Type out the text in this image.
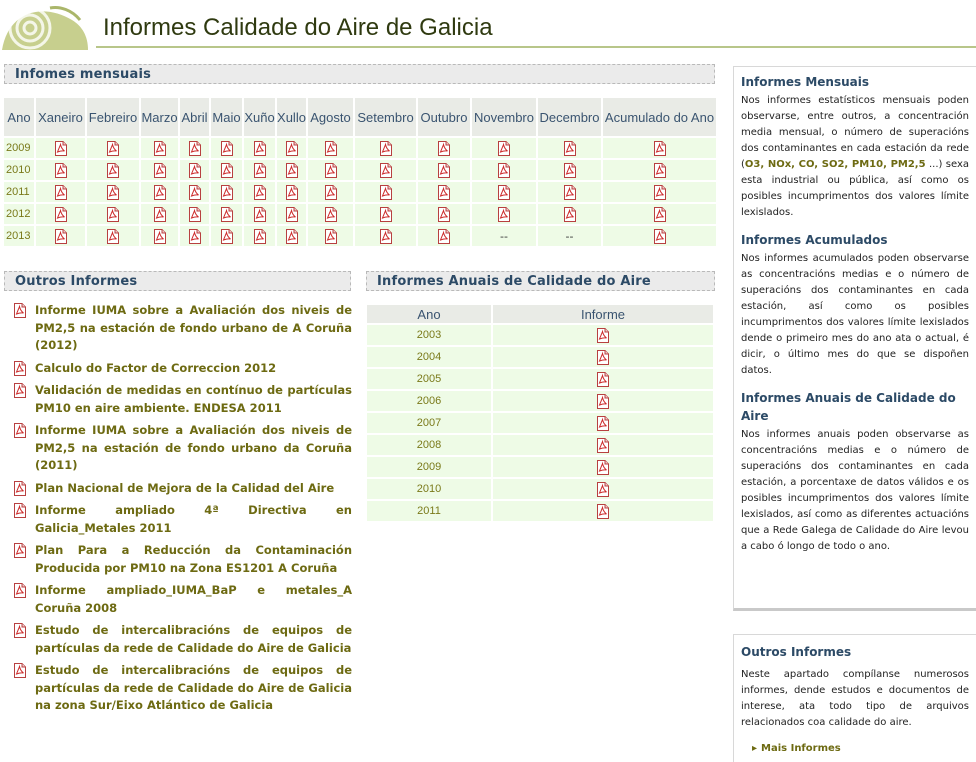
Informes Calidade do Aire de Galicia
Infomes mensuais
Ano	Xaneiro	Febreiro	Marzo	Abril	Maio	Xuño	Xullo	Agosto	Setembro	Outubro	Novembro	Decembro	Acumulado do Ano
2009	

2010	

2011	

2012	

2013											--	--	
Outros Informes
Informe IUMA sobre a Avaliación dos niveis de PM2,5 na estación de fondo urbano de A Coruña (2012)
Calculo do Factor de Correccion 2012
Validación de medidas en contínuo de partículas PM10 en aire ambiente. ENDESA 2011
Informe IUMA sobre a Avaliación dos niveis de PM2,5 na estación de fondo urbano da Coruña (2011)
Plan Nacional de Mejora de la Calidad del Aire
Informe ampliado 4ª Directiva en Galicia_Metales 2011
Plan Para a Reducción da Contaminación Producida por PM10 na Zona ES1201 A Coruña
Informe ampliado_IUMA_BaP e metales_A Coruña 2008
Estudo de intercalibracións de equipos de partículas da rede de Calidade do Aire de Galicia
Estudo de intercalibracións de equipos de partículas da rede de Calidade do Aire de Galicia na zona Sur/Eixo Atlántico de Galicia
Informes Anuais de Calidade do Aire
Ano	Informe
2003	

2004	

2005	

2006	

2007	

2008	

2009	

2010	

2011	
Informes Mensuais
Nos informes estatísticos mensuais poden observarse, entre outros, a concentración media mensual, o número de superacións dos contaminantes en cada estación da rede (O3, NOx, CO, SO2, PM10, PM2,5 ...) sexa esta industrial ou pública, así como os posibles incumprimentos dos valores límite lexislados.
Informes Acumulados
Nos informes acumulados poden observarse as concentracións medias e o número de superacións dos contaminantes en cada estación, así como os posibles incumprimentos dos valores límite lexislados dende o primeiro mes do ano ata o actual, é dicir, o último mes do que se dispoñen datos.
Informes Anuais de Calidade do Aire
Nos informes anuais poden observarse as concentracións medias e o número de superacións dos contaminantes en cada estación, a porcentaxe de datos válidos e os posibles incumprimentos dos valores límite lexislados, así como as diferentes actuacións que a Rede Galega de Calidade do Aire levou a cabo ó longo de todo o ano.
Outros Informes
Neste apartado compílanse numerosos informes, dende estudos e documentos de interese, ata todo tipo de arquivos relacionados coa calidade do aire.
▸ Mais Informes
